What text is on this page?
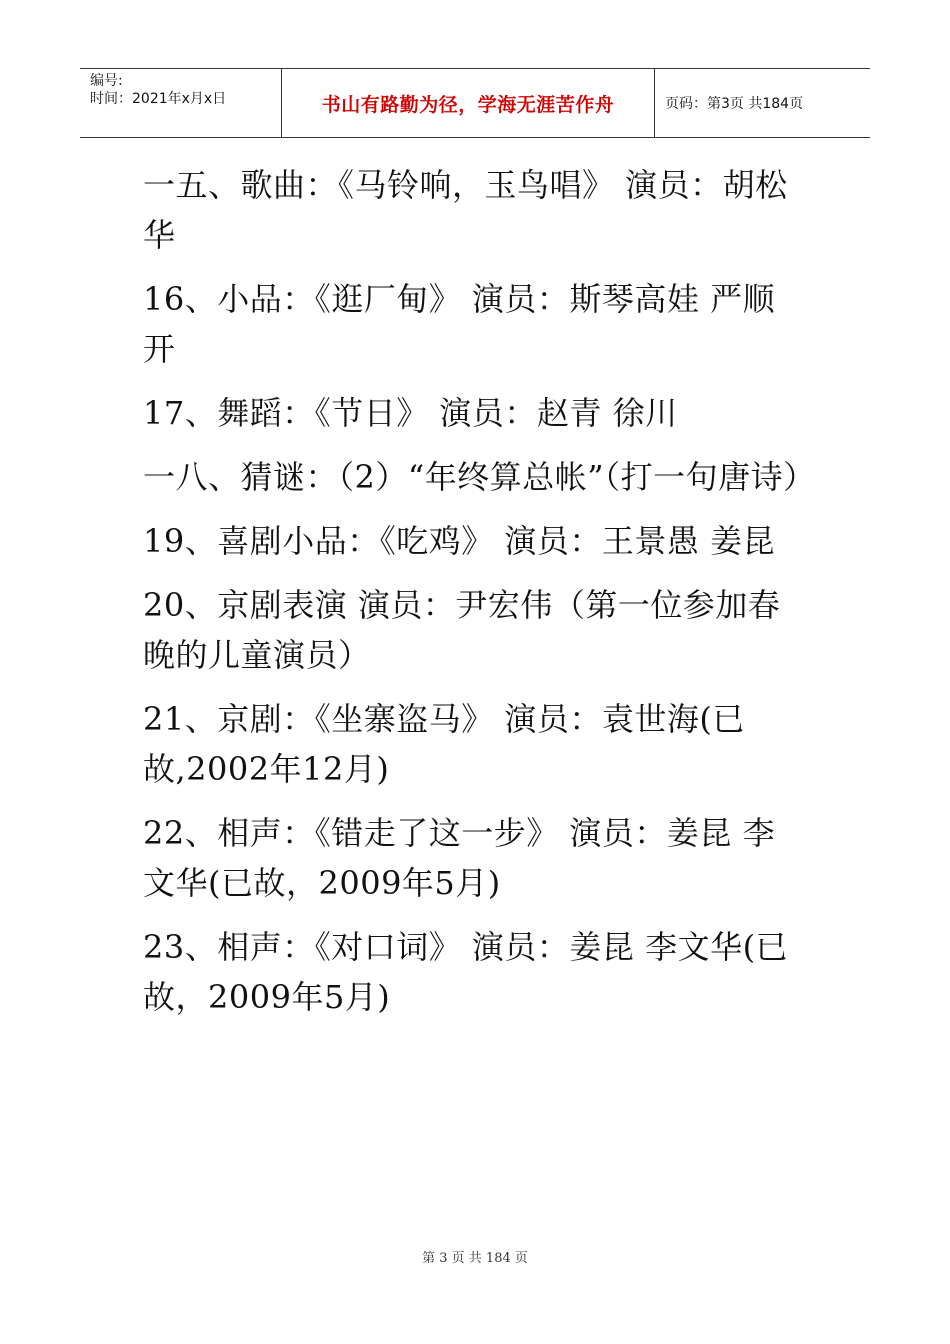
编号:
时间：2021年x月x日	书山有路勤为径，学海无涯苦作舟	页码：第3页 共184页
一五、歌曲：《马铃响，玉鸟唱》 演员：胡松华
16、小品：《逛厂甸》 演员：斯琴高娃 严顺开
17、舞蹈：《节日》 演员：赵青 徐川
一八、猜谜：（2）“年终算总帐”（打一句唐诗）
19、喜剧小品：《吃鸡》 演员：王景愚 姜昆
20、京剧表演 演员：尹宏伟（第一位参加春晚的儿童演员）
21、京剧：《坐寨盗马》 演员：袁世海(已故,2002年12月)
22、相声：《错走了这一步》 演员：姜昆 李文华(已故，2009年5月)
23、相声：《对口词》 演员：姜昆 李文华(已故，2009年5月)
第 3 页 共 184 页
